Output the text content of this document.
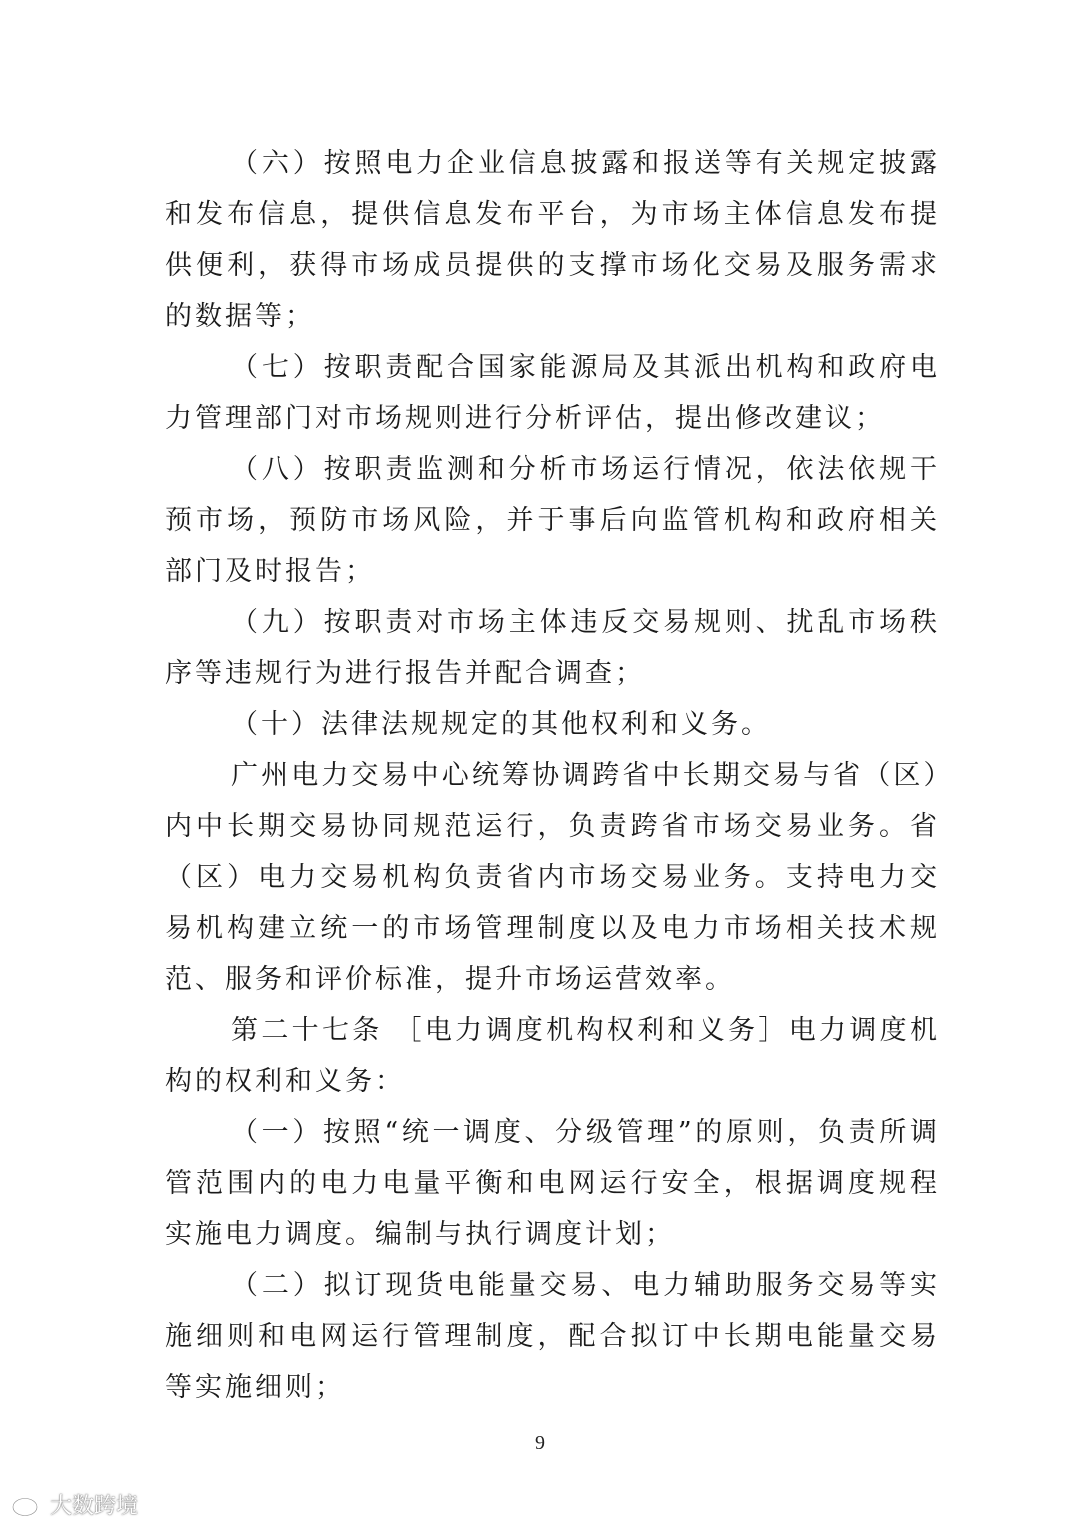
（六）按照电力企业信息披露和报送等有关规定披露和发布信息，提供信息发布平台，为市场主体信息发布提供便利，获得市场成员提供的支撑市场化交易及服务需求的数据等；

（七）按职责配合国家能源局及其派出机构和政府电力管理部门对市场规则进行分析评估，提出修改建议；

（八）按职责监测和分析市场运行情况，依法依规干预市场，预防市场风险，并于事后向监管机构和政府相关部门及时报告；

（九）按职责对市场主体违反交易规则、扰乱市场秩序等违规行为进行报告并配合调查；

（十）法律法规规定的其他权利和义务。

广州电力交易中心统筹协调跨省中长期交易与省（区）内中长期交易协同规范运行，负责跨省市场交易业务。省（区）电力交易机构负责省内市场交易业务。支持电力交易机构建立统一的市场管理制度以及电力市场相关技术规范、服务和评价标准，提升市场运营效率。

第二十七条 ［电力调度机构权利和义务］电力调度机构的权利和义务：

（一）按照“统一调度、分级管理”的原则，负责所调管范围内的电力电量平衡和电网运行安全，根据调度规程实施电力调度。编制与执行调度计划；

（二）拟订现货电能量交易、电力辅助服务交易等实施细则和电网运行管理制度，配合拟订中长期电能量交易等实施细则；

9
大数跨境
